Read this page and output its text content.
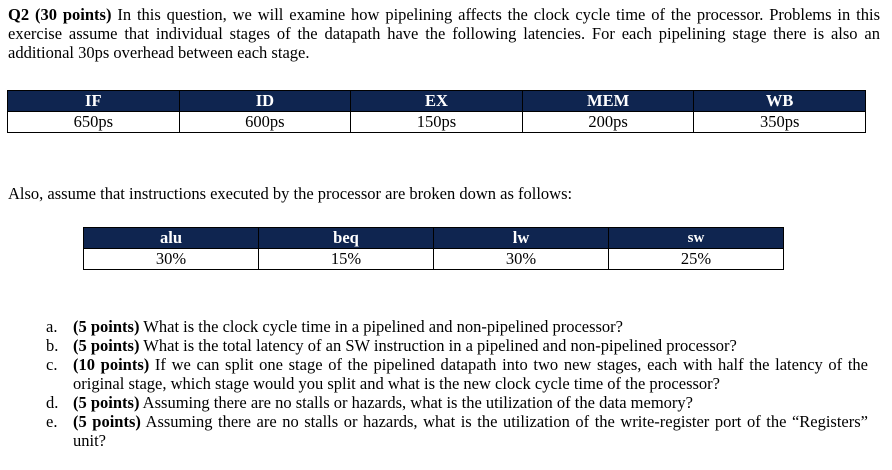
Q2 (30 points) In this question, we will examine how pipelining affects the clock cycle time of the processor. Problems in this exercise assume that individual stages of the datapath have the following latencies. For each pipelining stage there is also an additional 30ps overhead between each stage.

IF	ID	EX	MEM	WB
650ps	600ps	150ps	200ps	350ps

Also, assume that instructions executed by the processor are broken down as follows:

alu	beq	lw	sw
30%	15%	30%	25%
a. (5 points) What is the clock cycle time in a pipelined and non-pipelined processor?
b. (5 points) What is the total latency of an SW instruction in a pipelined and non-pipelined processor?
c. (10 points) If we can split one stage of the pipelined datapath into two new stages, each with half the latency of the original stage, which stage would you split and what is the new clock cycle time of the processor?
d. (5 points) Assuming there are no stalls or hazards, what is the utilization of the data memory?
e. (5 points) Assuming there are no stalls or hazards, what is the utilization of the write-register port of the “Registers” unit?
